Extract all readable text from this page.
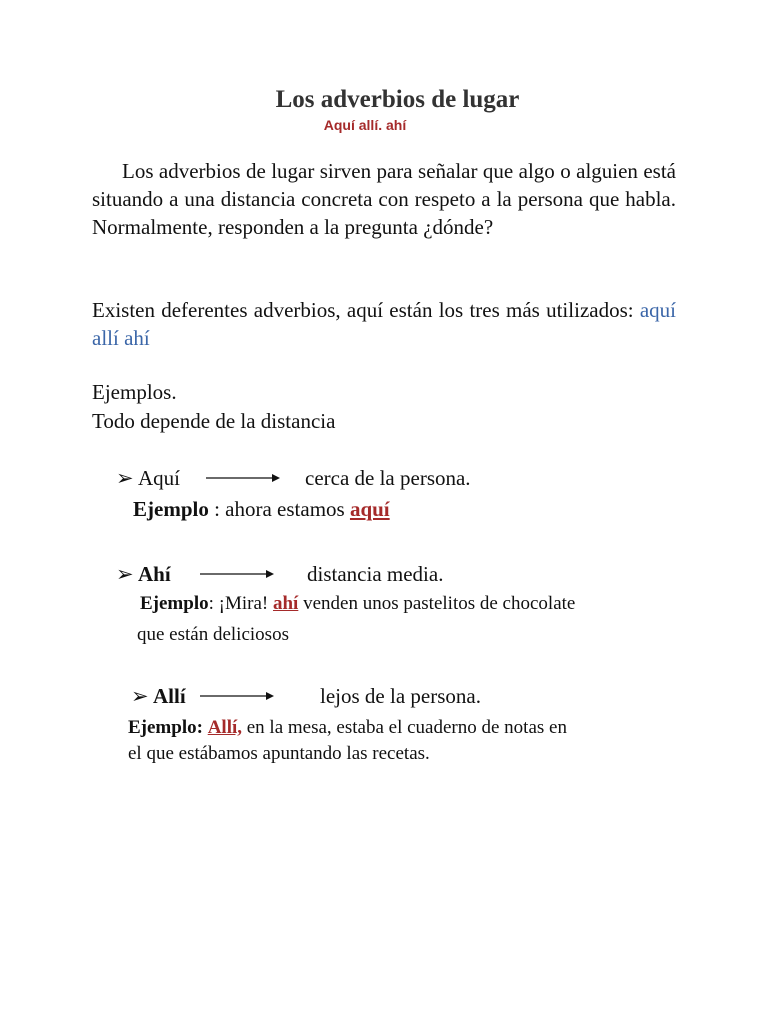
Los adverbios de lugar
Aquí allí. ahí
Los adverbios de lugar sirven para señalar que algo o alguien está situando a una distancia concreta con respeto a la persona que habla. Normalmente, responden a la pregunta ¿dónde?
Existen deferentes adverbios, aquí están los tres más utilizados: aquí allí ahí
Ejemplos.
Todo depende de la distancia
➢ Aquí	cerca de la persona.
Ejemplo : ahora estamos aquí
➢ Ahí	distancia media.
Ejemplo: ¡Mira! ahí venden unos pastelitos de chocolate
que están deliciosos
➢ Allí	lejos de la persona.
Ejemplo: Allí, en la mesa, estaba el cuaderno de notas en
el que estábamos apuntando las recetas.
